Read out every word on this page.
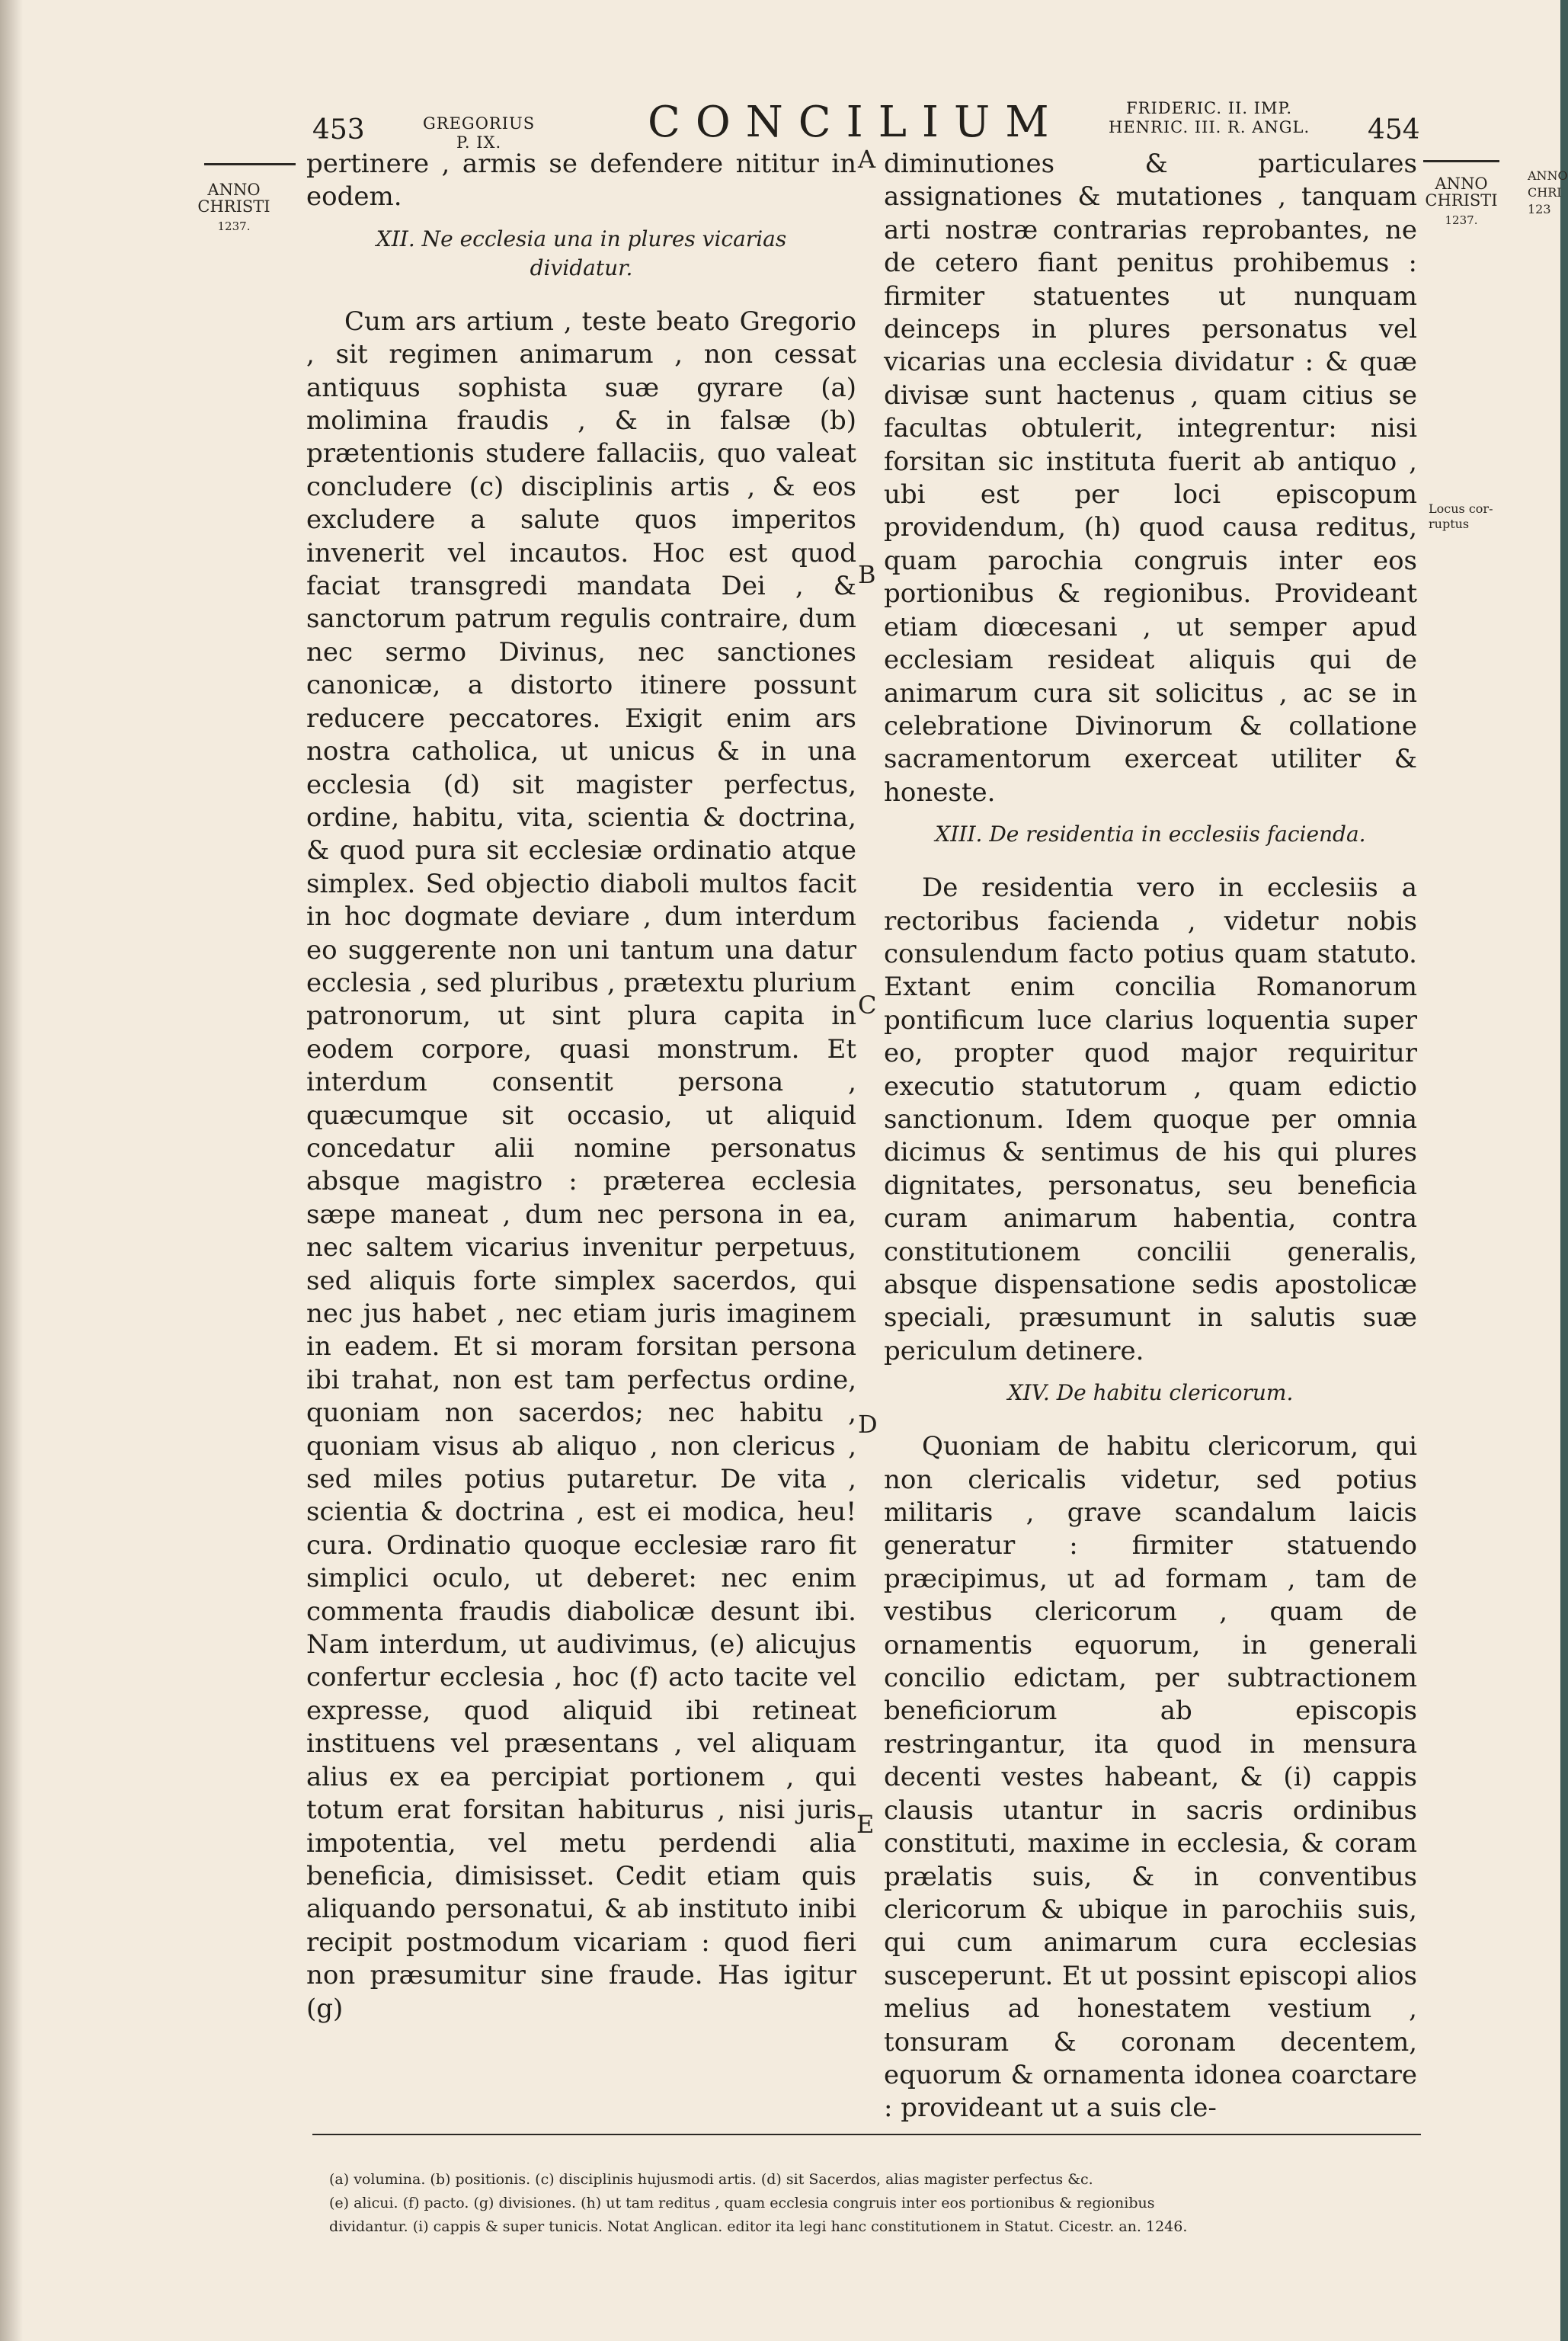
453	GREGORIUS
P. IX.	CONCILIUM	FRIDERIC. II. IMP.
HENRIC. III. R. ANGL. 454
ANNO
CHRISTI
1237.
ANNO
CHRISTI
1237.
Locus cor-
ruptus
ANNO
CHRI
123
A
B
C
D
E

pertinere , armis se defendere nititur in eodem.

XII. Ne ecclesia una in plures vicarias dividatur.

Cum ars artium , teste beato Gregorio , sit regimen animarum , non cessat antiquus sophista suæ gyrare (a) molimina fraudis , & in falsæ (b) prætentionis studere fallaciis, quo valeat concludere (c) disciplinis artis , & eos excludere a salute quos imperitos invenerit vel incautos. Hoc est quod faciat transgredi mandata Dei , & sanctorum patrum regulis contraire, dum nec sermo Divinus, nec sanctiones canonicæ, a distorto itinere possunt reducere peccatores. Exigit enim ars nostra catholica, ut unicus & in una ecclesia (d) sit magister perfectus, ordine, habitu, vita, scientia & doctrina, & quod pura sit ecclesiæ ordinatio atque simplex. Sed objectio diaboli multos facit in hoc dogmate deviare , dum interdum eo suggerente non uni tantum una datur ecclesia , sed pluribus , prætextu plurium patronorum, ut sint plura capita in eodem corpore, quasi monstrum. Et interdum consentit persona , quæcumque sit occasio, ut aliquid concedatur alii nomine personatus absque magistro : præterea ecclesia sæpe maneat , dum nec persona in ea, nec saltem vicarius invenitur perpetuus, sed aliquis forte simplex sacerdos, qui nec jus habet , nec etiam juris imaginem in eadem. Et si moram forsitan persona ibi trahat, non est tam perfectus ordine, quoniam non sacerdos; nec habitu , quoniam visus ab aliquo , non clericus , sed miles potius putaretur. De vita , scientia & doctrina , est ei modica, heu! cura. Ordinatio quoque ecclesiæ raro fit simplici oculo, ut deberet: nec enim commenta fraudis diabolicæ desunt ibi. Nam interdum, ut audivimus, (e) alicujus confertur ecclesia , hoc (f) acto tacite vel expresse, quod aliquid ibi retineat instituens vel præsentans , vel aliquam alius ex ea percipiat portionem , qui totum erat forsitan habiturus , nisi juris impotentia, vel metu perdendi alia beneficia, dimisisset. Cedit etiam quis aliquando personatui, & ab instituto inibi recipit postmodum vicariam : quod fieri non præsumitur sine fraude. Has igitur (g)

diminutiones & particulares assignationes & mutationes , tanquam arti nostræ contrarias reprobantes, ne de cetero fiant penitus prohibemus : firmiter statuentes ut nunquam deinceps in plures personatus vel vicarias una ecclesia dividatur : & quæ divisæ sunt hactenus , quam citius se facultas obtulerit, integrentur: nisi forsitan sic instituta fuerit ab antiquo , ubi est per loci episcopum providendum, (h) quod causa reditus, quam parochia congruis inter eos portionibus & regionibus. Provideant etiam diœcesani , ut semper apud ecclesiam resideat aliquis qui de animarum cura sit solicitus , ac se in celebratione Divinorum & collatione sacramentorum exerceat utiliter & honeste.

XIII. De residentia in ecclesiis facienda.

De residentia vero in ecclesiis a rectoribus facienda , videtur nobis consulendum facto potius quam statuto. Extant enim concilia Romanorum pontificum luce clarius loquentia super eo, propter quod major requiritur executio statutorum , quam edictio sanctionum. Idem quoque per omnia dicimus & sentimus de his qui plures dignitates, personatus, seu beneficia curam animarum habentia, contra constitutionem concilii generalis, absque dispensatione sedis apostolicæ speciali, præsumunt in salutis suæ periculum detinere.

XIV. De habitu clericorum.

Quoniam de habitu clericorum, qui non clericalis videtur, sed potius militaris , grave scandalum laicis generatur : firmiter statuendo præcipimus, ut ad formam , tam de vestibus clericorum , quam de ornamentis equorum, in generali concilio edictam, per subtractionem beneficiorum ab episcopis restringantur, ita quod in mensura decenti vestes habeant, & (i) cappis clausis utantur in sacris ordinibus constituti, maxime in ecclesia, & coram prælatis suis, & in conventibus clericorum & ubique in parochiis suis, qui cum animarum cura ecclesias susceperunt. Et ut possint episcopi alios melius ad honestatem vestium , tonsuram & coronam decentem, equorum & ornamenta idonea coarctare : provideant ut a suis cle-

(a) volumina. (b) positionis. (c) disciplinis hujusmodi artis. (d) sit Sacerdos, alias magister perfectus &c.

(e) alicui. (f) pacto. (g) divisiones. (h) ut tam reditus , quam ecclesia congruis inter eos portionibus & regionibus

dividantur. (i) cappis & super tunicis. Notat Anglican. editor ita legi hanc constitutionem in Statut. Cicestr. an. 1246.
